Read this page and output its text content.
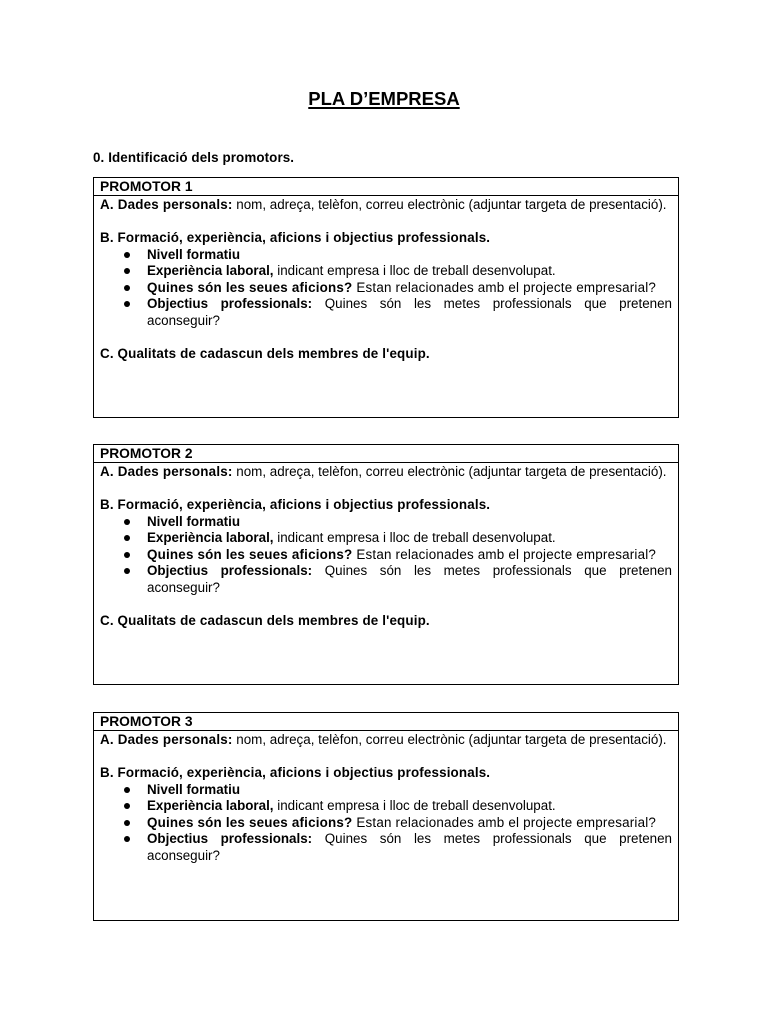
PLA D’EMPRESA

0. Identificació dels promotors.

PROMOTOR 1

A. Dades personals: nom, adreça, telèfon, correu electrònic (adjuntar targeta de presentació).

B. Formació, experiència, aficions i objectius professionals.

Nivell formatiu
Experiència laboral, indicant empresa i lloc de treball desenvolupat.
Quines són les seues aficions? Estan relacionades amb el projecte empresarial?
Objectius professionals: Quines són les metes professionals que pretenen aconseguir?

C. Qualitats de cadascun dels membres de l'equip.

PROMOTOR 2

A. Dades personals: nom, adreça, telèfon, correu electrònic (adjuntar targeta de presentació).

B. Formació, experiència, aficions i objectius professionals.

Nivell formatiu
Experiència laboral, indicant empresa i lloc de treball desenvolupat.
Quines són les seues aficions? Estan relacionades amb el projecte empresarial?
Objectius professionals: Quines són les metes professionals que pretenen aconseguir?

C. Qualitats de cadascun dels membres de l'equip.

PROMOTOR 3

A. Dades personals: nom, adreça, telèfon, correu electrònic (adjuntar targeta de presentació).

B. Formació, experiència, aficions i objectius professionals.

Nivell formatiu
Experiència laboral, indicant empresa i lloc de treball desenvolupat.
Quines són les seues aficions? Estan relacionades amb el projecte empresarial?
Objectius professionals: Quines són les metes professionals que pretenen aconseguir?
